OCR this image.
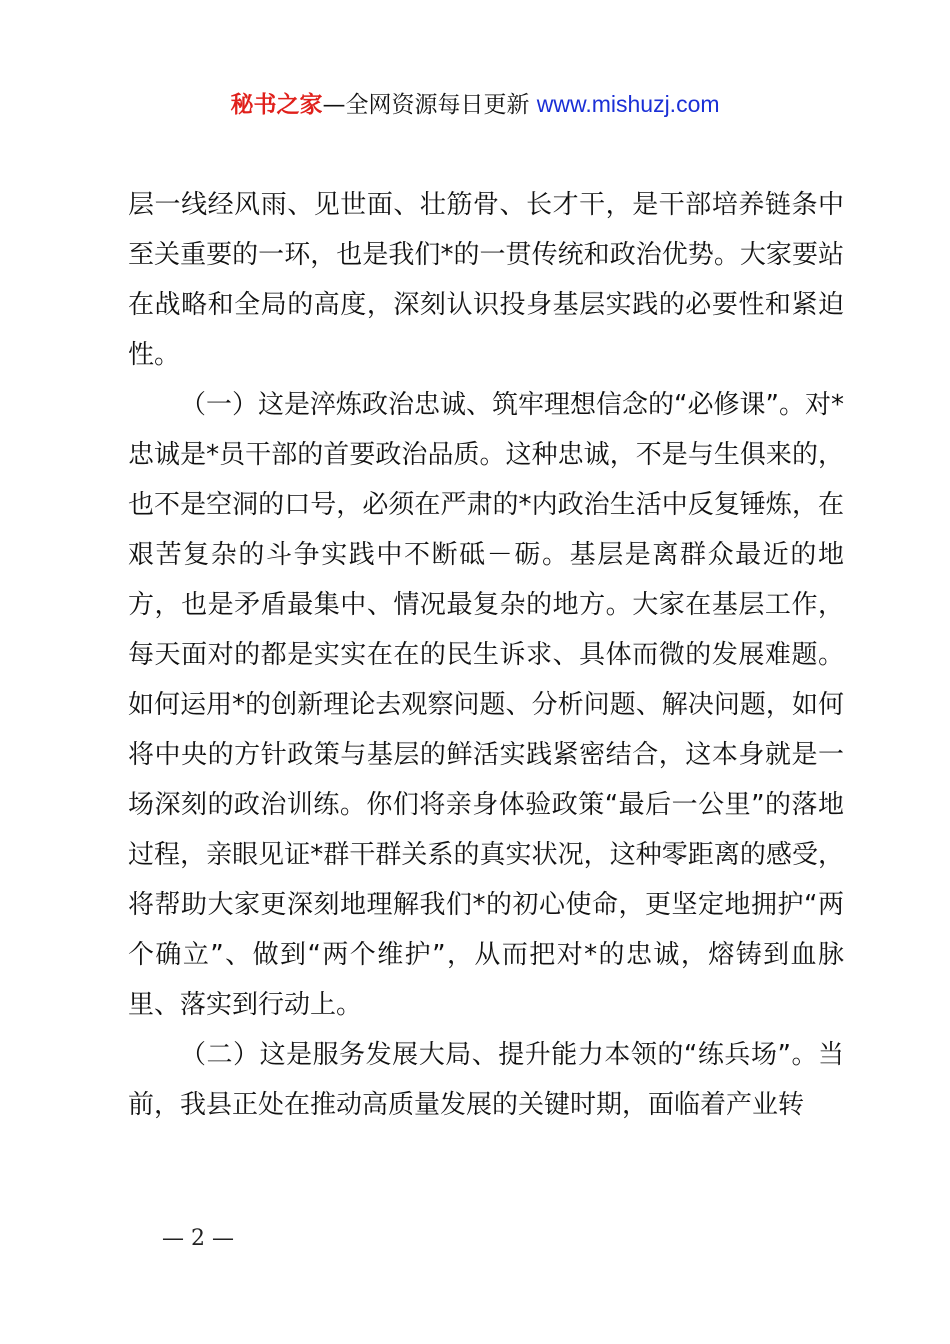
秘书之家—全网资源每日更新 www.mishuzj.com

层一线经风雨、见世面、壮筋骨、长才干，是干部培养链条中至关重要的一环，也是我们*的一贯传统和政治优势。大家要站在战略和全局的高度，深刻认识投身基层实践的必要性和紧迫性。

（一）这是淬炼政治忠诚、筑牢理想信念的“必修课”。对*忠诚是*员干部的首要政治品质。这种忠诚，不是与生俱来的，也不是空洞的口号，必须在严肃的*内政治生活中反复锤炼，在艰苦复杂的斗争实践中不断砥－砺。基层是离群众最近的地方，也是矛盾最集中、情况最复杂的地方。大家在基层工作，每天面对的都是实实在在的民生诉求、具体而微的发展难题。如何运用*的创新理论去观察问题、分析问题、解决问题，如何将中央的方针政策与基层的鲜活实践紧密结合，这本身就是一场深刻的政治训练。你们将亲身体验政策“最后一公里”的落地过程，亲眼见证*群干群关系的真实状况，这种零距离的感受，将帮助大家更深刻地理解我们*的初心使命，更坚定地拥护“两个确立”、做到“两个维护”，从而把对*的忠诚，熔铸到血脉里、落实到行动上。

（二）这是服务发展大局、提升能力本领的“练兵场”。当前，我县正处在推动高质量发展的关键时期，面临着产业转

— 2 —
